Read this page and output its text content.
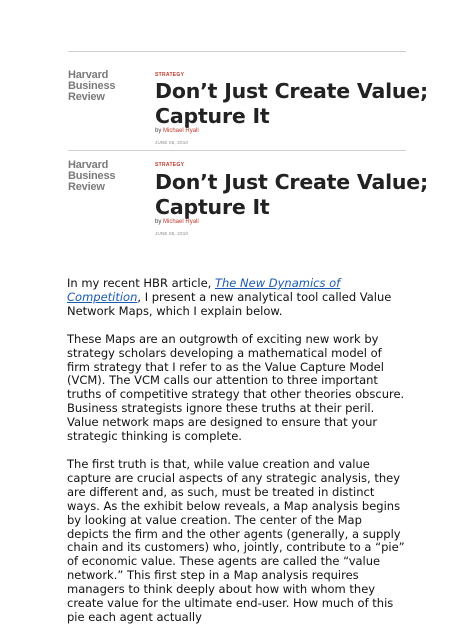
Harvard
Business
Review
STRATEGY
Don’t Just Create Value;
Capture It
by Michael Ryall
JUNE 06, 2010
Harvard
Business
Review
STRATEGY
Don’t Just Create Value;
Capture It
by Michael Ryall
JUNE 06, 2010

In my recent HBR article, The New Dynamics of Competition, I present a new analytical tool called Value Network Maps, which I explain below.

These Maps are an outgrowth of exciting new work by strategy scholars developing a mathematical model of firm strategy that I refer to as the Value Capture Model (VCM). The VCM calls our attention to three important truths of competitive strategy that other theories obscure. Business strategists ignore these truths at their peril. Value network maps are designed to ensure that your strategic thinking is complete.

The first truth is that, while value creation and value capture are crucial aspects of any strategic analysis, they are different and, as such, must be treated in distinct ways. As the exhibit below reveals, a Map analysis begins by looking at value creation. The center of the Map depicts the firm and the other agents (generally, a supply chain and its customers) who, jointly, contribute to a “pie” of economic value. These agents are called the “value network.” This first step in a Map analysis requires managers to think deeply about how with whom they create value for the ultimate end-user. How much of this pie each agent actually
